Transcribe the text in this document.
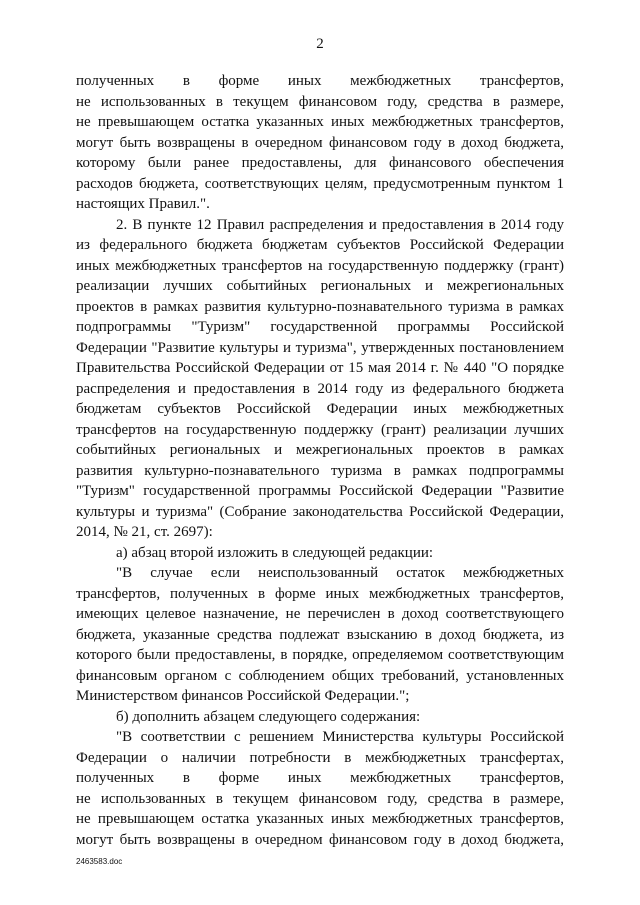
2
полученных в форме иных межбюджетных трансфертов,
не использованных в текущем финансовом году, средства в размере,
не превышающем остатка указанных иных межбюджетных трансфертов,
могут быть возвращены в очередном финансовом году в доход бюджета,
которому были ранее предоставлены, для финансового обеспечения
расходов бюджета, соответствующих целям, предусмотренным пунктом 1
настоящих Правил.".
2. В пункте 12 Правил распределения и предоставления в 2014 году
из федерального бюджета бюджетам субъектов Российской Федерации
иных межбюджетных трансфертов на государственную поддержку (грант)
реализации лучших событийных региональных и межрегиональных
проектов в рамках развития культурно-познавательного туризма в рамках
подпрограммы "Туризм" государственной программы Российской
Федерации "Развитие культуры и туризма", утвержденных постановлением
Правительства Российской Федерации от 15 мая 2014 г. № 440 "О порядке
распределения и предоставления в 2014 году из федерального бюджета
бюджетам субъектов Российской Федерации иных межбюджетных
трансфертов на государственную поддержку (грант) реализации лучших
событийных региональных и межрегиональных проектов в рамках
развития культурно-познавательного туризма в рамках подпрограммы
"Туризм" государственной программы Российской Федерации "Развитие
культуры и туризма" (Собрание законодательства Российской Федерации,
2014, № 21, ст. 2697):
а) абзац второй изложить в следующей редакции:
"В случае если неиспользованный остаток межбюджетных
трансфертов, полученных в форме иных межбюджетных трансфертов,
имеющих целевое назначение, не перечислен в доход соответствующего
бюджета, указанные средства подлежат взысканию в доход бюджета, из
которого были предоставлены, в порядке, определяемом соответствующим
финансовым органом с соблюдением общих требований, установленных
Министерством финансов Российской Федерации.";
б) дополнить абзацем следующего содержания:
"В соответствии с решением Министерства культуры Российской
Федерации о наличии потребности в межбюджетных трансфертах,
полученных в форме иных межбюджетных трансфертов,
не использованных в текущем финансовом году, средства в размере,
не превышающем остатка указанных иных межбюджетных трансфертов,
могут быть возвращены в очередном финансовом году в доход бюджета,
2463583.doc
